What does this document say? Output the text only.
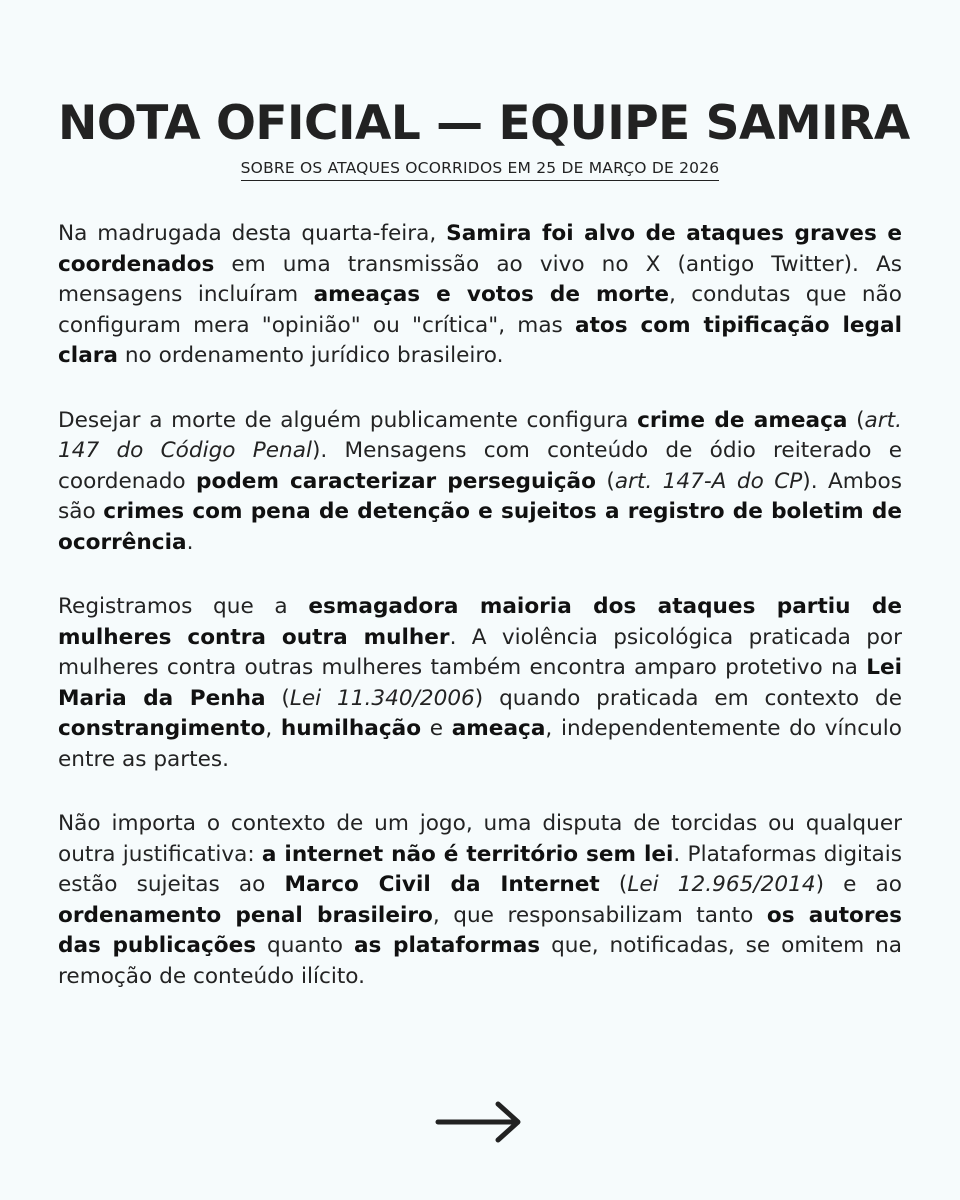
NOTA OFICIAL — EQUIPE SAMIRA
SOBRE OS ATAQUES OCORRIDOS EM 25 DE MARÇO DE 2026

Na madrugada desta quarta-feira, Samira foi alvo de ataques graves e coordenados em uma transmissão ao vivo no X (antigo Twitter). As mensagens incluíram ameaças e votos de morte, condutas que não configuram mera "opinião" ou "crítica", mas atos com tipificação legal clara no ordenamento jurídico brasileiro.

Desejar a morte de alguém publicamente configura crime de ameaça (art. 147 do Código Penal). Mensagens com conteúdo de ódio reiterado e coordenado podem caracterizar perseguição (art. 147-A do CP). Ambos são crimes com pena de detenção e sujeitos a registro de boletim de ocorrência.

Registramos que a esmagadora maioria dos ataques partiu de mulheres contra outra mulher. A violência psicológica praticada por mulheres contra outras mulheres também encontra amparo protetivo na Lei Maria da Penha (Lei 11.340/2006) quando praticada em contexto de constrangimento, humilhação e ameaça, independentemente do vínculo entre as partes.

Não importa o contexto de um jogo, uma disputa de torcidas ou qualquer outra justificativa: a internet não é território sem lei. Plataformas digitais estão sujeitas ao Marco Civil da Internet (Lei 12.965/2014) e ao ordenamento penal brasileiro, que responsabilizam tanto os autores das publicações quanto as plataformas que, notificadas, se omitem na remoção de conteúdo ilícito.
